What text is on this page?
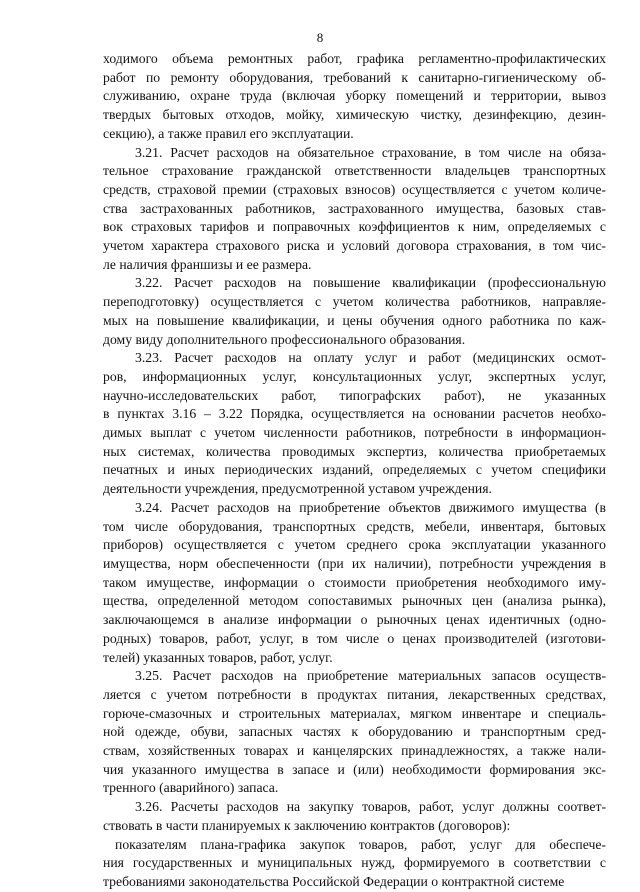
8
ходимого объема ремонтных работ, графика регламентно-профилактических
работ по ремонту оборудования, требований к санитарно-гигиеническому об-
служиванию, охране труда (включая уборку помещений и территории, вывоз
твердых бытовых отходов, мойку, химическую чистку, дезинфекцию, дезин-
секцию), а также правил его эксплуатации.
3.21. Расчет расходов на обязательное страхование, в том числе на обяза-
тельное страхование гражданской ответственности владельцев транспортных
средств, страховой премии (страховых взносов) осуществляется с учетом количе-
ства застрахованных работников, застрахованного имущества, базовых став-
вок страховых тарифов и поправочных коэффициентов к ним, определяемых с
учетом характера страхового риска и условий договора страхования, в том чис-
ле наличия франшизы и ее размера.
3.22. Расчет расходов на повышение квалификации (профессиональную
переподготовку) осуществляется с учетом количества работников, направляе-
мых на повышение квалификации, и цены обучения одного работника по каж-
дому виду дополнительного профессионального образования.
3.23. Расчет расходов на оплату услуг и работ (медицинских осмот-
ров, информационных услуг, консультационных услуг, экспертных услуг,
научно-исследовательских работ, типографских работ), не указанных
в пунктах 3.16 – 3.22 Порядка, осуществляется на основании расчетов необхо-
димых выплат с учетом численности работников, потребности в информацион-
ных системах, количества проводимых экспертиз, количества приобретаемых
печатных и иных периодических изданий, определяемых с учетом специфики
деятельности учреждения, предусмотренной уставом учреждения.
3.24. Расчет расходов на приобретение объектов движимого имущества (в
том числе оборудования, транспортных средств, мебели, инвентаря, бытовых
приборов) осуществляется с учетом среднего срока эксплуатации указанного
имущества, норм обеспеченности (при их наличии), потребности учреждения в
таком имуществе, информации о стоимости приобретения необходимого иму-
щества, определенной методом сопоставимых рыночных цен (анализа рынка),
заключающемся в анализе информации о рыночных ценах идентичных (одно-
родных) товаров, работ, услуг, в том числе о ценах производителей (изготови-
телей) указанных товаров, работ, услуг.
3.25. Расчет расходов на приобретение материальных запасов осуществ-
ляется с учетом потребности в продуктах питания, лекарственных средствах,
горюче-смазочных и строительных материалах, мягком инвентаре и специаль-
ной одежде, обуви, запасных частях к оборудованию и транспортным сред-
ствам, хозяйственных товарах и канцелярских принадлежностях, а также нали-
чия указанного имущества в запасе и (или) необходимости формирования экс-
тренного (аварийного) запаса.
3.26. Расчеты расходов на закупку товаров, работ, услуг должны соответ-
ствовать в части планируемых к заключению контрактов (договоров):
показателям плана-графика закупок товаров, работ, услуг для обеспече-
ния государственных и муниципальных нужд, формируемого в соответствии с
требованиями законодательства Российской Федерации о контрактной системе
